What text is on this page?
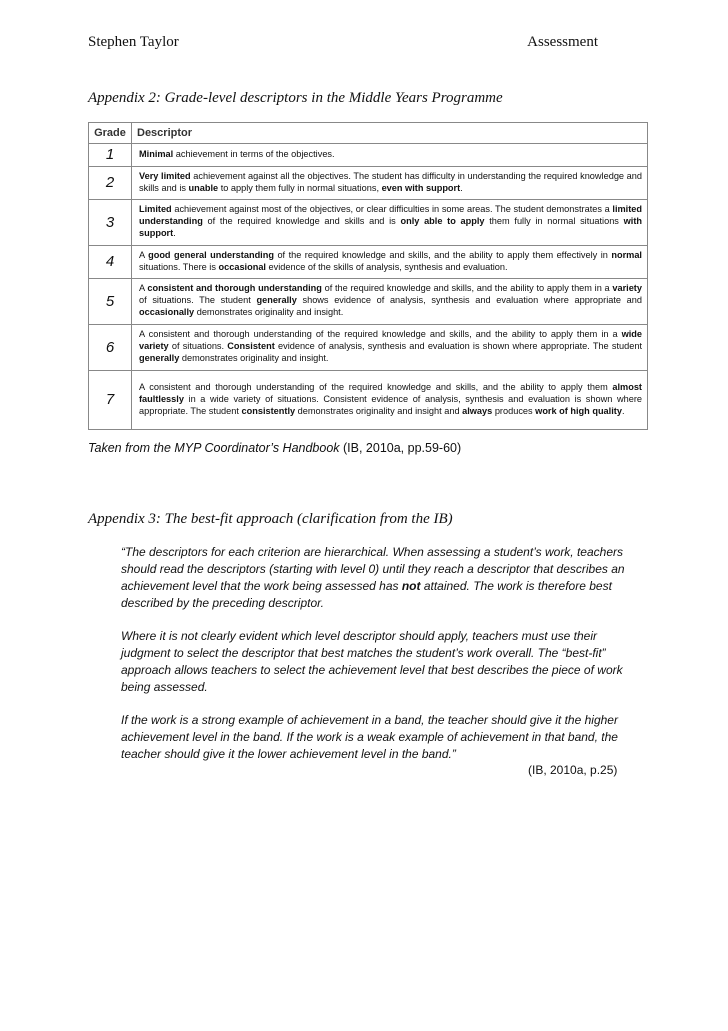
Stephen Taylor	Assessment
Appendix 2: Grade-level descriptors in the Middle Years Programme
Grade	Descriptor
1	Minimal achievement in terms of the objectives.
2	Very limited achievement against all the objectives. The student has difficulty in understanding the required knowledge and skills and is unable to apply them fully in normal situations, even with support.
3	Limited achievement against most of the objectives, or clear difficulties in some areas. The student demonstrates a limited understanding of the required knowledge and skills and is only able to apply them fully in normal situations with support.
4	A good general understanding of the required knowledge and skills, and the ability to apply them effectively in normal situations. There is occasional evidence of the skills of analysis, synthesis and evaluation.
5	A consistent and thorough understanding of the required knowledge and skills, and the ability to apply them in a variety of situations. The student generally shows evidence of analysis, synthesis and evaluation where appropriate and occasionally demonstrates originality and insight.
6	A consistent and thorough understanding of the required knowledge and skills, and the ability to apply them in a wide variety of situations. Consistent evidence of analysis, synthesis and evaluation is shown where appropriate. The student generally demonstrates originality and insight.
7	A consistent and thorough understanding of the required knowledge and skills, and the ability to apply them almost faultlessly in a wide variety of situations. Consistent evidence of analysis, synthesis and evaluation is shown where appropriate. The student consistently demonstrates originality and insight and always produces work of high quality.
Taken from the MYP Coordinator’s Handbook (IB, 2010a, pp.59-60)
Appendix 3: The best-fit approach (clarification from the IB)

“The descriptors for each criterion are hierarchical. When assessing a student’s work, teachers should read the descriptors (starting with level 0) until they reach a descriptor that describes an achievement level that the work being assessed has not attained. The work is therefore best described by the preceding descriptor.

Where it is not clearly evident which level descriptor should apply, teachers must use their judgment to select the descriptor that best matches the student’s work overall. The “best-fit” approach allows teachers to select the achievement level that best describes the piece of work being assessed.

If the work is a strong example of achievement in a band, the teacher should give it the higher achievement level in the band. If the work is a weak example of achievement in that band, the teacher should give it the lower achievement level in the band.”

(IB, 2010a, p.25)
